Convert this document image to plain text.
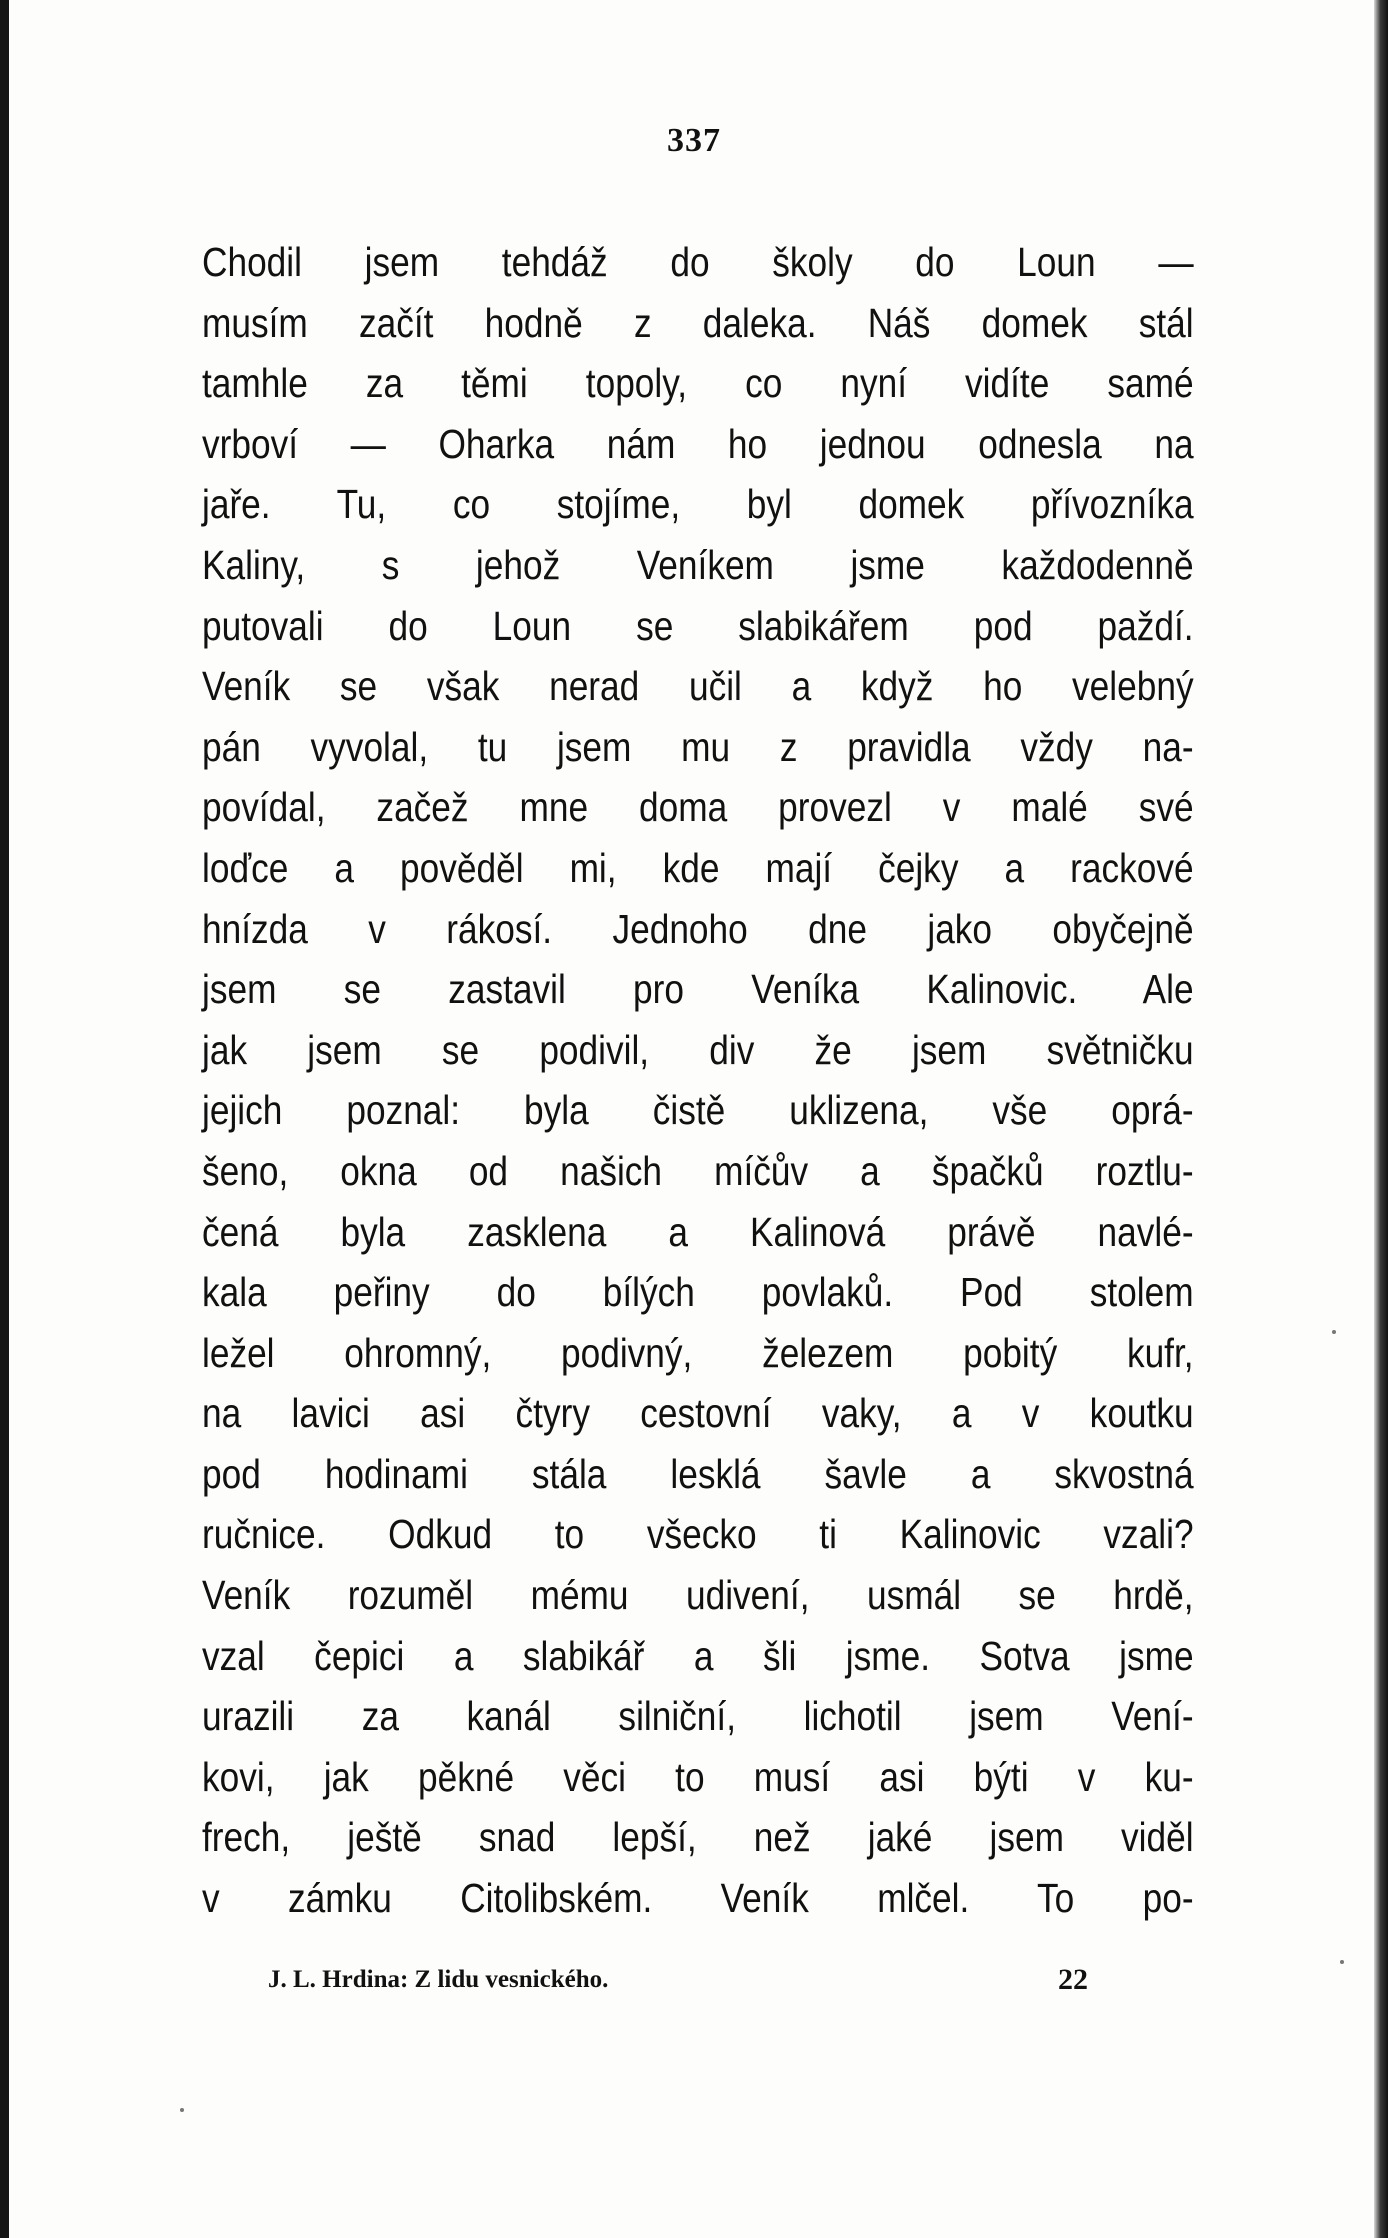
337
Chodil jsem tehdáž do školy do Loun —
musím začít hodně z daleka. Náš domek stál
tamhle za těmi topoly, co nyní vidíte samé
vrboví — Oharka nám ho jednou odnesla na
jaře. Tu, co stojíme, byl domek přívozníka
Kaliny, s jehož Veníkem jsme každodenně
putovali do Loun se slabikářem pod paždí.
Veník se však nerad učil a když ho velebný
pán vyvolal, tu jsem mu z pravidla vždy na-
povídal, začež mne doma provezl v malé své
loďce a pověděl mi, kde mají čejky a rackové
hnízda v rákosí. Jednoho dne jako obyčejně
jsem se zastavil pro Veníka Kalinovic. Ale
jak jsem se podivil, div že jsem světničku
jejich poznal: byla čistě uklizena, vše oprá-
šeno, okna od našich míčův a špačků roztlu-
čená byla zasklena a Kalinová právě navlé-
kala peřiny do bílých povlaků. Pod stolem
ležel ohromný, podivný, železem pobitý kufr,
na lavici asi čtyry cestovní vaky, a v koutku
pod hodinami stála lesklá šavle a skvostná
ručnice. Odkud to všecko ti Kalinovic vzali?
Veník rozuměl mému udivení, usmál se hrdě,
vzal čepici a slabikář a šli jsme. Sotva jsme
urazili za kanál silniční, lichotil jsem Vení-
kovi, jak pěkné věci to musí asi býti v ku-
frech, ještě snad lepší, než jaké jsem viděl
v zámku Citolibském. Veník mlčel. To po-
J. L. Hrdina: Z lidu vesnického.	22
